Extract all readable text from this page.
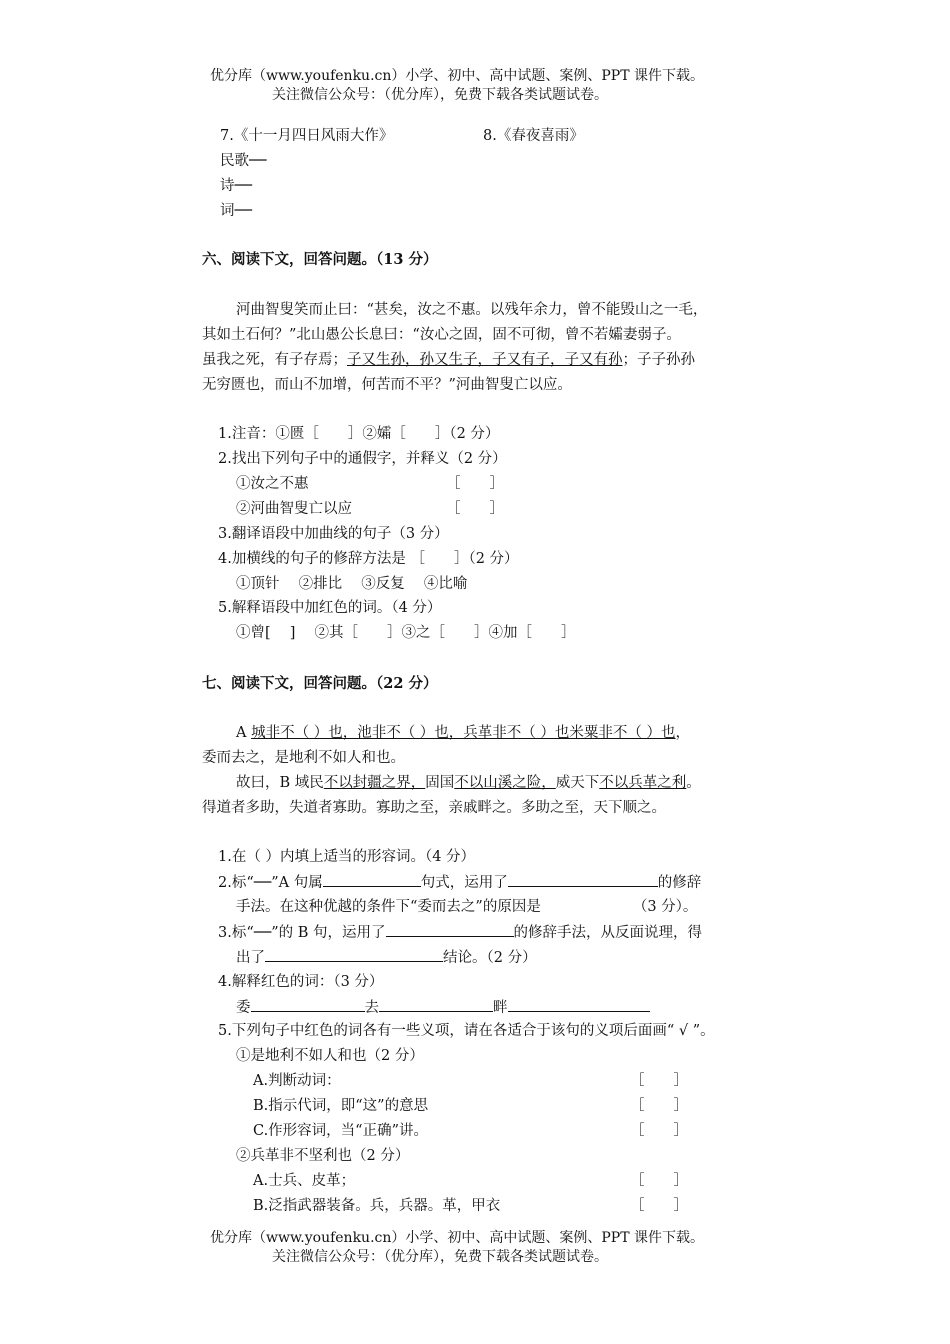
优分库（www.youfenku.cn）小学、初中、高中试题、案例、PPT 课件下载。
关注微信公众号：（优分库），免费下载各类试题试卷。
7.《十一月四日风雨大作》	8.《春夜喜雨》
民歌──
诗──
词──
六、阅读下文，回答问题。（13 分）
河曲智叟笑而止曰：“甚矣，汝之不惠。以残年余力，曾不能毁山之一毛，
其如土石何？”北山愚公长息曰：“汝心之固，固不可彻，曾不若孀妻弱子。
虽我之死，有子存焉；子又生孙，孙又生子，子又有子，子又有孙；子子孙孙
无穷匮也，而山不加增，何苦而不平？”河曲智叟亡以应。
1.注音：①匮［　　］②孀［　　］（2 分）
2.找出下列句子中的通假字，并释义（2 分）
①汝之不惠	［　　］
②河曲智叟亡以应	［　　］
3.翻译语段中加曲线的句子（3 分）
4.加横线的句子的修辞方法是 ［　　］（2 分）
①顶针　 ②排比　 ③反复　 ④比喻
5.解释语段中加红色的词。（4 分）
①曾[　 ]　 ②其［　　］③之［　　］④加［　　］
七、阅读下文，回答问题。（22 分）
A 城非不（ ）也，池非不（ ）也，兵革非不（ ）也米粟非不（ ）也，
委而去之，是地利不如人和也。
故曰，B 域民不以封疆之界，固国不以山溪之险，威天下不以兵革之利。
得道者多助，失道者寡助。寡助之至，亲戚畔之。多助之至，天下顺之。
1.在（ ）内填上适当的形容词。（4 分）
2.标“──”A 句属	句式，运用了	的修辞
手法。在这种优越的条件下“委而去之”的原因是	（3 分）。
3.标“──”的 B 句，运用了	的修辞手法，从反面说理，得
出了	结论。（2 分）
4.解释红色的词：（3 分）
委	去	畔
5.下列句子中红色的词各有一些义项，请在各适合于该句的义项后面画“ √ ”。
①是地利不如人和也（2 分）
A.判断动词：	［　　］
B.指示代词，即“这”的意思	［　　］
C.作形容词，当“正确”讲。	［　　］
②兵革非不坚利也（2 分）
A.士兵、皮革；	［　　］
B.泛指武器装备。兵，兵器。革，甲衣	［　　］
优分库（www.youfenku.cn）小学、初中、高中试题、案例、PPT 课件下载。
关注微信公众号：（优分库），免费下载各类试题试卷。
